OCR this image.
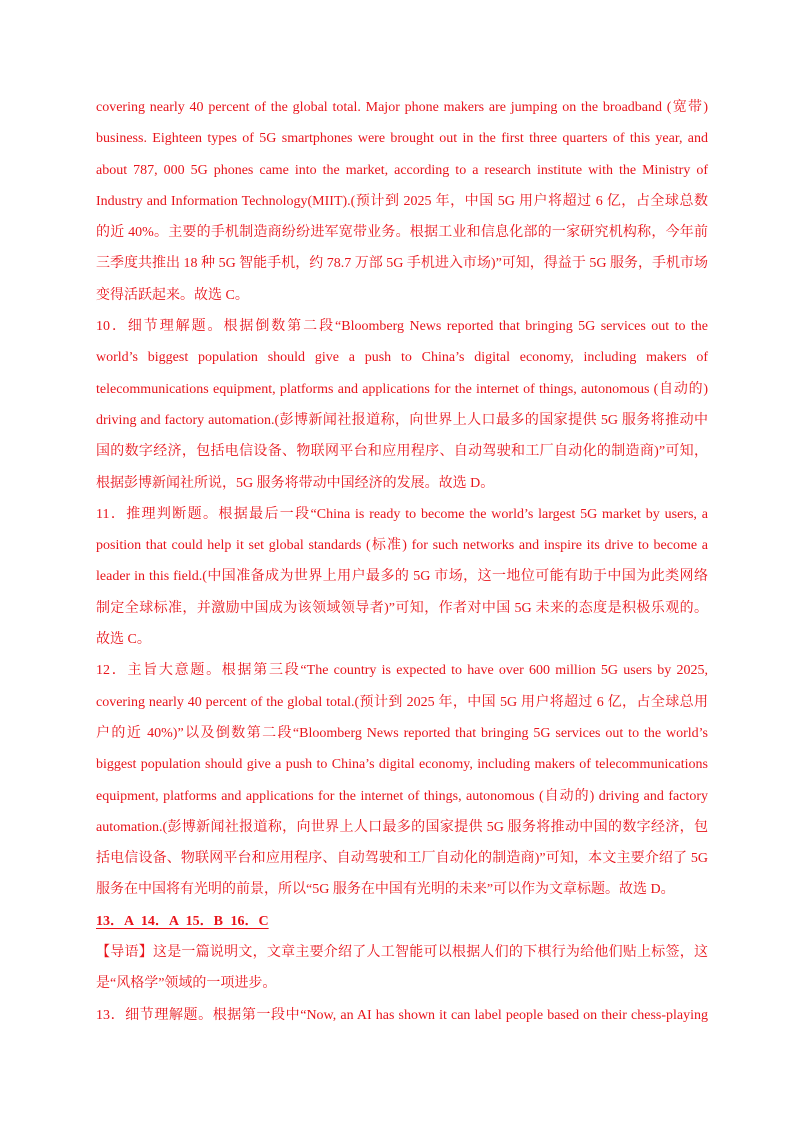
covering nearly 40 percent of the global total. Major phone makers are jumping on the broadband (宽带)
business. Eighteen types of 5G smartphones were brought out in the first three quarters of this year, and
about 787, 000 5G phones came into the market, according to a research institute with the Ministry of
Industry and Information Technology(MIIT).(预计到 2025 年，中国 5G 用户将超过 6 亿，占全球总数
的近 40%。主要的手机制造商纷纷进军宽带业务。根据工业和信息化部的一家研究机构称，今年前
三季度共推出 18 种 5G 智能手机，约 78.7 万部 5G 手机进入市场)”可知，得益于 5G 服务，手机市场
变得活跃起来。故选 C。
10．细节理解题。根据倒数第二段“Bloomberg News reported that bringing 5G services out to the
world’s biggest population should give a push to China’s digital economy, including makers of
telecommunications equipment, platforms and applications for the internet of things, autonomous (自动的)
driving and factory automation.(彭博新闻社报道称，向世界上人口最多的国家提供 5G 服务将推动中
国的数字经济，包括电信设备、物联网平台和应用程序、自动驾驶和工厂自动化的制造商)”可知，
根据彭博新闻社所说，5G 服务将带动中国经济的发展。故选 D。
11．推理判断题。根据最后一段“China is ready to become the world’s largest 5G market by users, a
position that could help it set global standards (标准) for such networks and inspire its drive to become a
leader in this field.(中国准备成为世界上用户最多的 5G 市场，这一地位可能有助于中国为此类网络
制定全球标准，并激励中国成为该领域领导者)”可知，作者对中国 5G 未来的态度是积极乐观的。
故选 C。
12．主旨大意题。根据第三段“The country is expected to have over 600 million 5G users by 2025,
covering nearly 40 percent of the global total.(预计到 2025 年，中国 5G 用户将超过 6 亿，占全球总用
户的近 40%)”以及倒数第二段“Bloomberg News reported that bringing 5G services out to the world’s
biggest population should give a push to China’s digital economy, including makers of telecommunications
equipment, platforms and applications for the internet of things, autonomous (自动的) driving and factory
automation.(彭博新闻社报道称，向世界上人口最多的国家提供 5G 服务将推动中国的数字经济，包
括电信设备、物联网平台和应用程序、自动驾驶和工厂自动化的制造商)”可知，本文主要介绍了 5G
服务在中国将有光明的前景，所以“5G 服务在中国有光明的未来”可以作为文章标题。故选 D。
13．A 14．A 15．B 16．C
【导语】这是一篇说明文，文章主要介绍了人工智能可以根据人们的下棋行为给他们贴上标签，这
是“风格学”领域的一项进步。
13．细节理解题。根据第一段中“Now, an AI has shown it can label people based on their chess-playing
